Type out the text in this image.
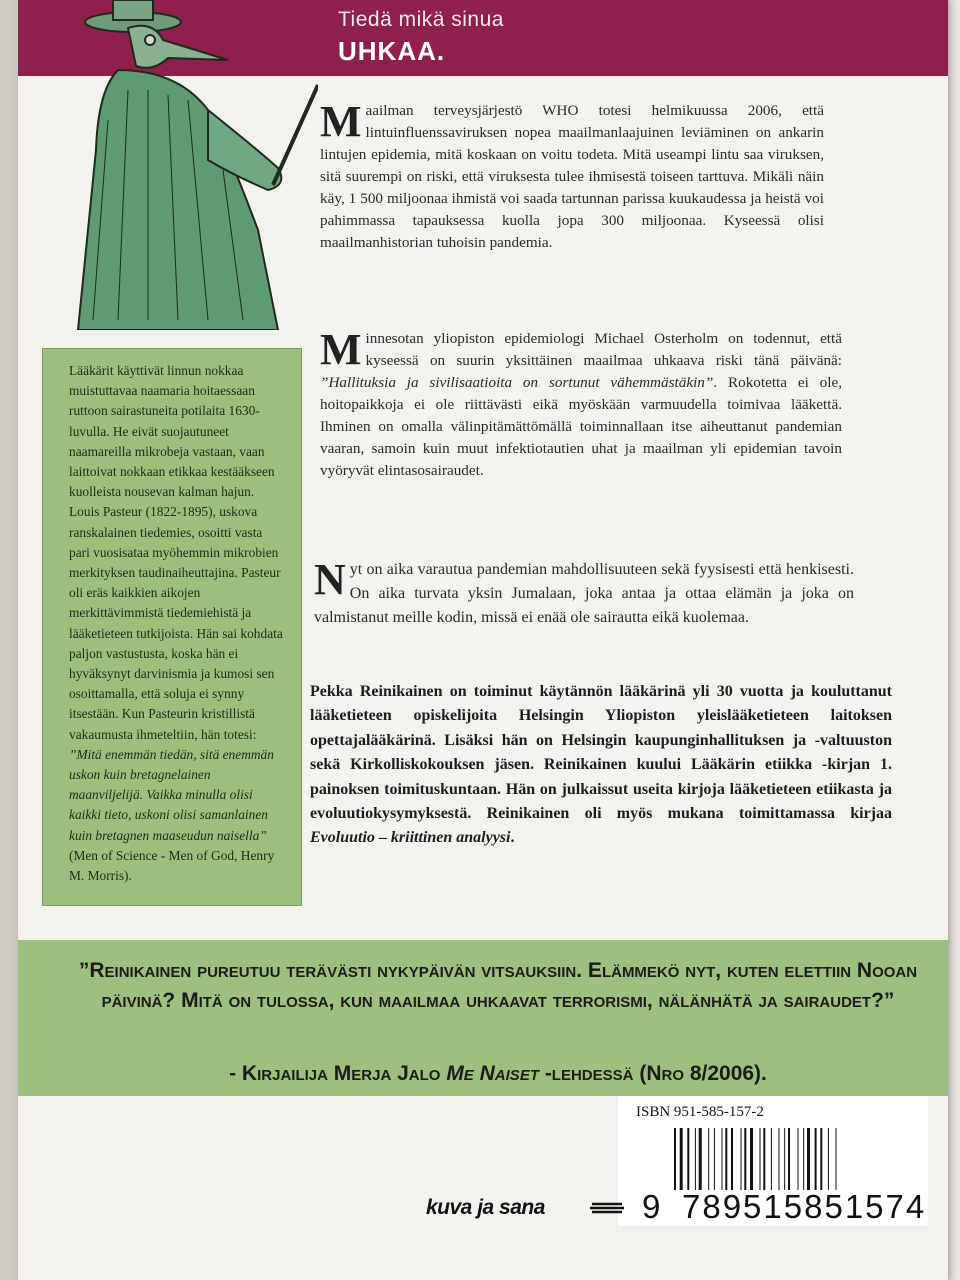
Tiedä mikä sinua
UHKAA.

Lääkärit käyttivät linnun nokkaa muistuttavaa naamaria hoitaessaan ruttoon sairastuneita potilaita 1630-luvulla. He eivät suojautuneet naamareilla mikrobeja vastaan, vaan laittoivat nokkaan etikkaa kestääkseen kuolleista nousevan kalman hajun. Louis Pasteur (1822-1895), uskova ranskalainen tiedemies, osoitti vasta pari vuosisataa myöhemmin mikrobien merkityksen taudinaiheuttajina. Pasteur oli eräs kaikkien aikojen merkittävimmistä tiedemiehistä ja lääketieteen tutkijoista. Hän sai kohdata paljon vastustusta, koska hän ei hyväksynyt darvinismia ja kumosi sen osoittamalla, että soluja ei synny itsestään. Kun Pasteurin kristillistä vakaumusta ihmeteltiin, hän totesi: ”Mitä enemmän tiedän, sitä enemmän uskon kuin bretagnelainen maanviljelijä. Vaikka minulla olisi kaikki tieto, uskoni olisi samanlainen kuin bretagnen maaseudun naisella” (Men of Science - Men of God, Henry M. Morris).

Maailman terveysjärjestö WHO totesi helmikuussa 2006, että lintuinfluenssaviruksen nopea maailmanlaajuinen leviäminen on ankarin lintujen epidemia, mitä koskaan on voitu todeta. Mitä useampi lintu saa viruksen, sitä suurempi on riski, että viruksesta tulee ihmisestä toiseen tarttuva. Mikäli näin käy, 1 500 miljoonaa ihmistä voi saada tartunnan parissa kuukaudessa ja heistä voi pahimmassa tapauksessa kuolla jopa 300 miljoonaa. Kyseessä olisi maailmanhistorian tuhoisin pandemia.
Minnesotan yliopiston epidemiologi Michael Osterholm on todennut, että kyseessä on suurin yksittäinen maailmaa uhkaava riski tänä päivänä: ”Hallituksia ja sivilisaatioita on sortunut vähemmästäkin”. Rokotetta ei ole, hoitopaikkoja ei ole riittävästi eikä myöskään varmuudella toimivaa lääkettä. Ihminen on omalla välinpitämättömällä toiminnallaan itse aiheuttanut pandemian vaaran, samoin kuin muut infektiotautien uhat ja maailman yli epidemian tavoin vyöryvät elintasosairaudet.
Nyt on aika varautua pandemian mahdollisuuteen sekä fyysisesti että henkisesti. On aika turvata yksin Jumalaan, joka antaa ja ottaa elämän ja joka on valmistanut meille kodin, missä ei enää ole sairautta eikä kuolemaa.
Pekka Reinikainen on toiminut käytännön lääkärinä yli 30 vuotta ja kouluttanut lääketieteen opiskelijoita Helsingin Yliopiston yleislääketieteen laitoksen opettajalääkärinä. Lisäksi hän on Helsingin kaupunginhallituksen ja -valtuuston sekä Kirkolliskokouksen jäsen. Reinikainen kuului Lääkärin etiikka -kirjan 1. painoksen toimituskuntaan. Hän on julkaissut useita kirjoja lääketieteen etiikasta ja evoluutiokysymyksestä. Reinikainen oli myös mukana toimittamassa kirjaa Evoluutio – kriittinen analyysi.
”Reinikainen pureutuu terävästi nykypäivän vitsauksiin. Elämmekö nyt, kuten elettiin Nooan päivinä? Mitä on tulossa, kun maailmaa uhkaavat terrorismi, nälänhätä ja sairaudet?”
- Kirjailija Merja Jalo Me Naiset -lehdessä (Nro 8/2006).
ISBN 951-585-157-2
9 789515851574
kuva ja sana
